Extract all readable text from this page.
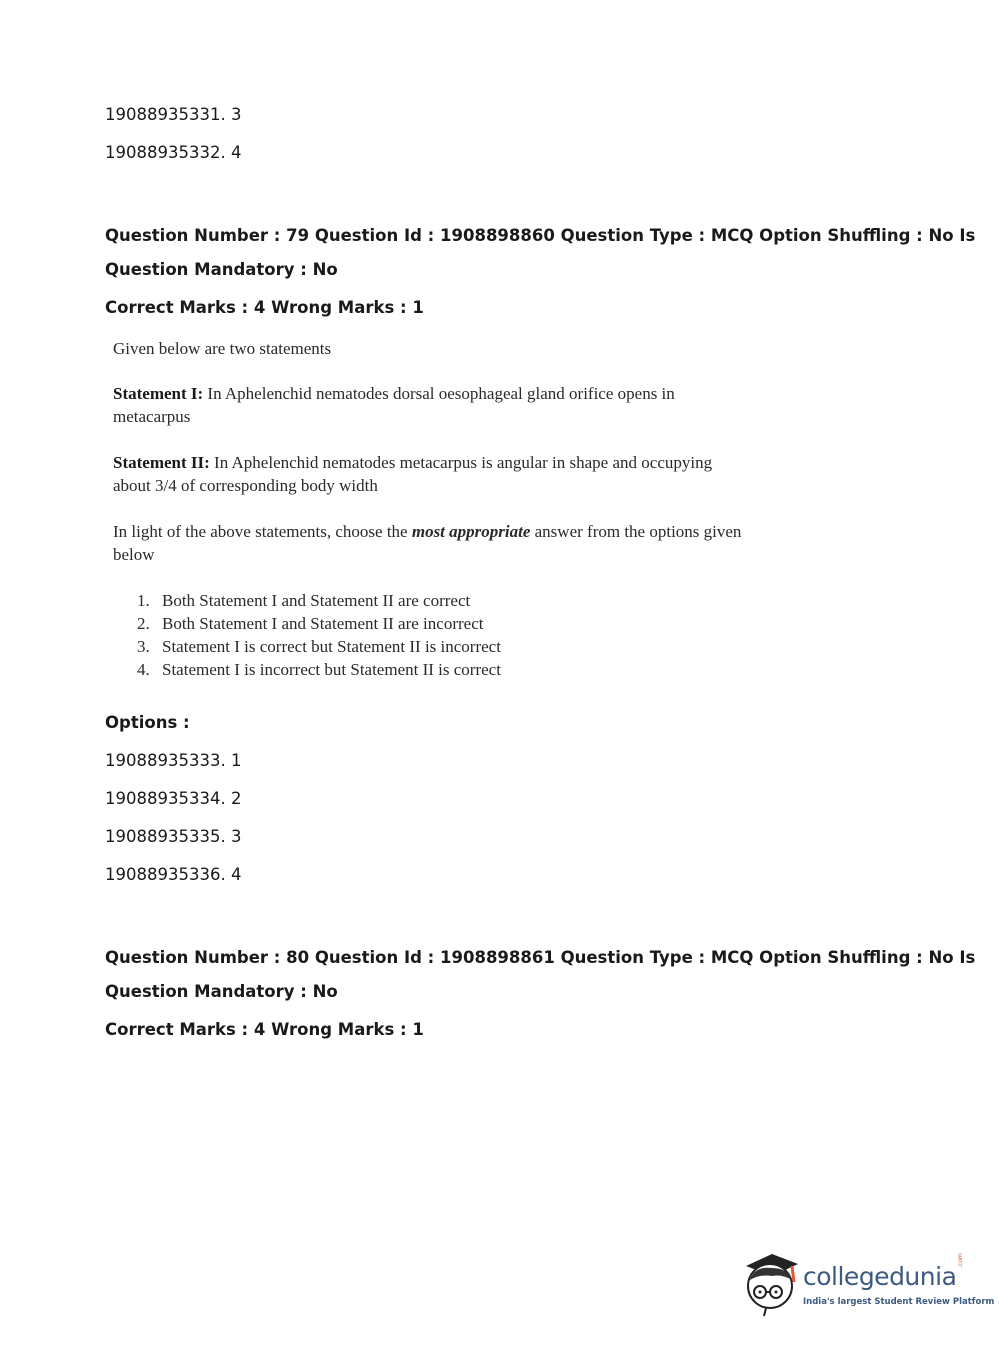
19088935331. 3
19088935332. 4
Question Number : 79 Question Id : 1908898860 Question Type : MCQ Option Shuffling : No Is
Question Mandatory : No
Correct Marks : 4 Wrong Marks : 1
Given below are two statements
Statement I: In Aphelenchid nematodes dorsal oesophageal gland orifice opens in
metacarpus
Statement II: In Aphelenchid nematodes metacarpus is angular in shape and occupying
about 3/4 of corresponding body width
In light of the above statements, choose the most appropriate answer from the options given
below
1. Both Statement I and Statement II are correct
2. Both Statement I and Statement II are incorrect
3. Statement I is correct but Statement II is incorrect
4. Statement I is incorrect but Statement II is correct
Options :
19088935333. 1
19088935334. 2
19088935335. 3
19088935336. 4
Question Number : 80 Question Id : 1908898861 Question Type : MCQ Option Shuffling : No Is
Question Mandatory : No
Correct Marks : 4 Wrong Marks : 1
collegedunia
.com
India's largest Student Review Platform
